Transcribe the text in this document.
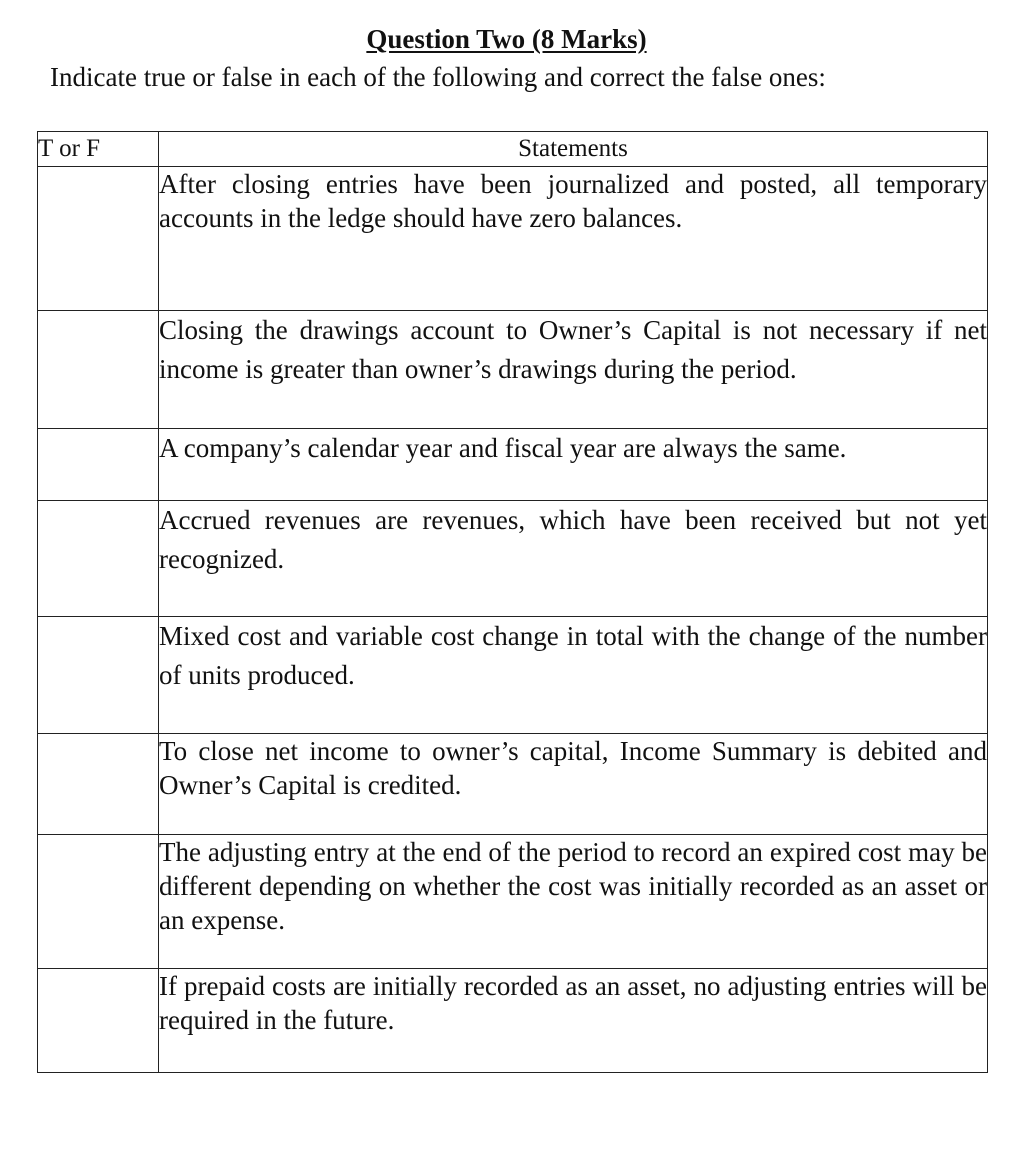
Question Two (8 Marks)
Indicate true or false in each of the following and correct the false ones:
T or F	Statements
	After closing entries have been journalized and posted, all temporary accounts in the ledge should have zero balances.
	Closing the drawings account to Owner’s Capital is not necessary if net income is greater than owner’s drawings during the period.
	A company’s calendar year and fiscal year are always the same.
	Accrued revenues are revenues, which have been received but not yet recognized.
	Mixed cost and variable cost change in total with the change of the number of units produced.
	To close net income to owner’s capital, Income Summary is debited and Owner’s Capital is credited.
	The adjusting entry at the end of the period to record an expired cost may be different depending on whether the cost was initially recorded as an asset or an expense.
	If prepaid costs are initially recorded as an asset, no adjusting entries will be required in the future.
